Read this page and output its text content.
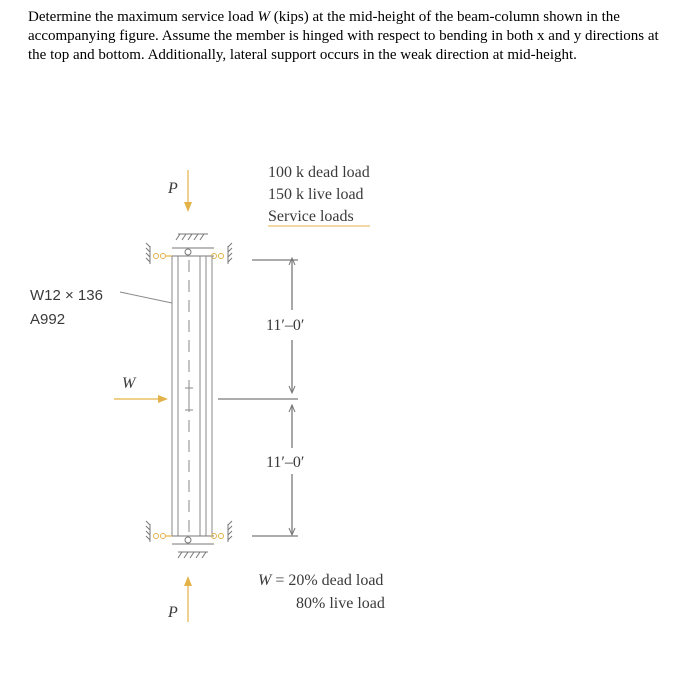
Determine the maximum service load W (kips) at the mid-height of the beam-column shown in the accompanying figure. Assume the member is hinged with respect to bending in both x and y directions at the top and bottom. Additionally, lateral support occurs in the weak direction at mid-height.
P
100 k dead load
150 k live load
Service loads
W12 × 136
A992
W
11′–0′
11′–0′
P
W = 20% dead load
80% live load
